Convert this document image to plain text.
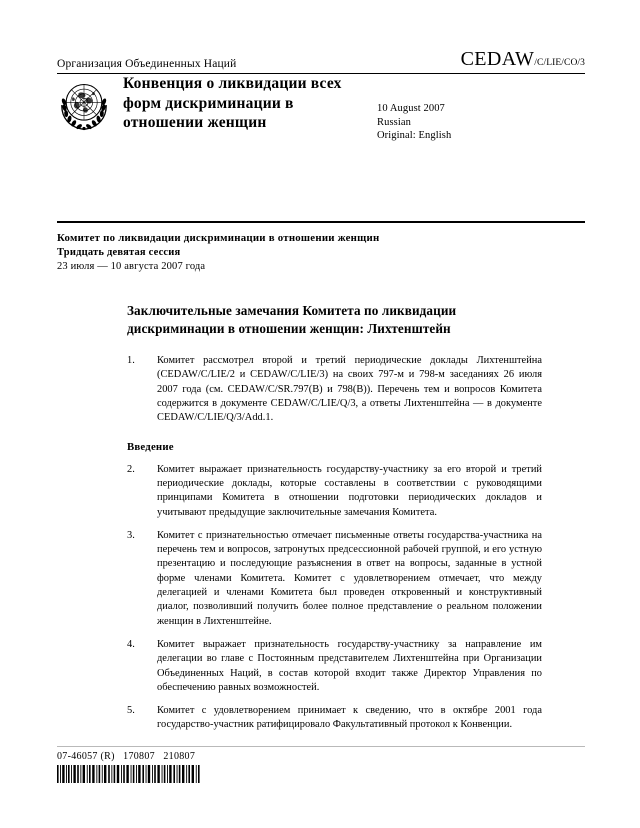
Организация Объединенных Наций	CEDAW /C/LIE/CO/3
Конвенция о ликвидации всех форм дискриминации в отношении женщин
10 August 2007
Russian
Original: English
Комитет по ликвидации дискриминации в отношении женщин
Тридцать девятая сессия
23 июля — 10 августа 2007 года
Заключительные замечания Комитета по ликвидации дискриминации в отношении женщин: Лихтенштейн
1.	Комитет рассмотрел второй и третий периодические доклады Лихтенштейна (CEDAW/C/LIE/2 и CEDAW/C/LIE/3) на своих 797-м и 798-м заседаниях 26 июля 2007 года (см. CEDAW/C/SR.797(B) и 798(B)). Перечень тем и вопросов Комитета содержится в документе CEDAW/C/LIE/Q/3, а ответы Лихтенштейна — в документе CEDAW/C/LIE/Q/3/Add.1.
Введение
2.	Комитет выражает признательность государству-участнику за его второй и третий периодические доклады, которые составлены в соответствии с руководящими принципами Комитета в отношении подготовки периодических докладов и учитывают предыдущие заключительные замечания Комитета.
3.	Комитет с признательностью отмечает письменные ответы государства-участника на перечень тем и вопросов, затронутых предсессионной рабочей группой, и его устную презентацию и последующие разъяснения в ответ на вопросы, заданные в устной форме членами Комитета. Комитет с удовлетворением отмечает, что между делегацией и членами Комитета был проведен откровенный и конструктивный диалог, позволивший получить более полное представление о реальном положении женщин в Лихтенштейне.
4.	Комитет выражает признательность государству-участнику за направление им делегации во главе с Постоянным представителем Лихтенштейна при Организации Объединенных Наций, в состав которой входит также Директор Управления по обеспечению равных возможностей.
5.	Комитет с удовлетворением принимает к сведению, что в октябре 2001 года государство-участник ратифицировало Факультативный протокол к Конвенции.
07-46057 (R)   170807   210807
